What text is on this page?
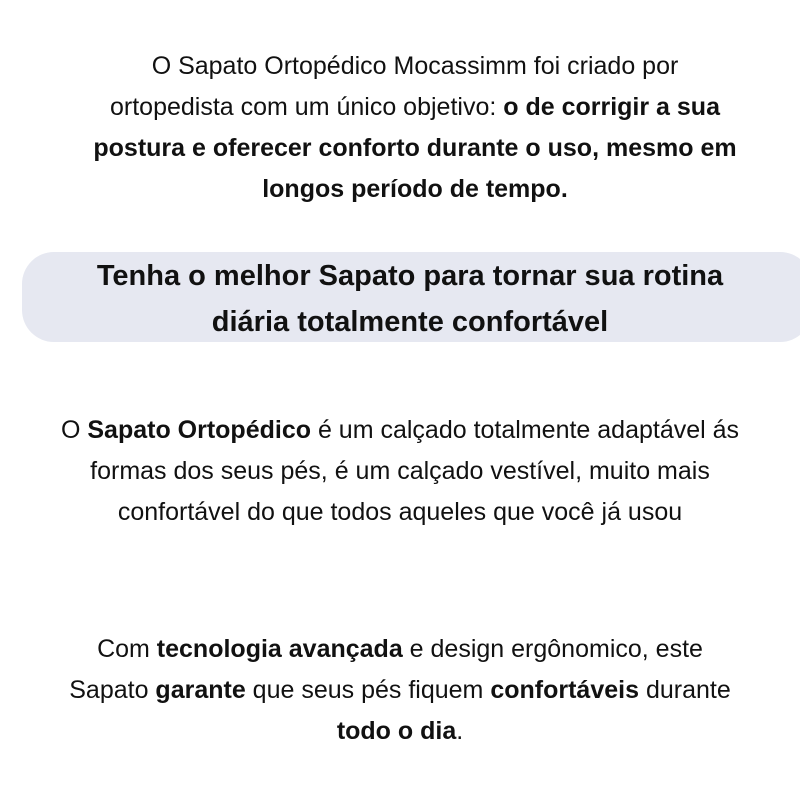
O Sapato Ortopédico Mocassimm foi criado por
ortopedista com um único objetivo: o de corrigir a sua
postura e oferecer conforto durante o uso, mesmo em
longos período de tempo.

Tenha o melhor Sapato para tornar sua rotina
diária totalmente confortável

O Sapato Ortopédico é um calçado totalmente adaptável ás
formas dos seus pés, é um calçado vestível, muito mais
confortável do que todos aqueles que você já usou

Com tecnologia avançada e design ergônomico, este
Sapato garante que seus pés fiquem confortáveis durante
todo o dia.
